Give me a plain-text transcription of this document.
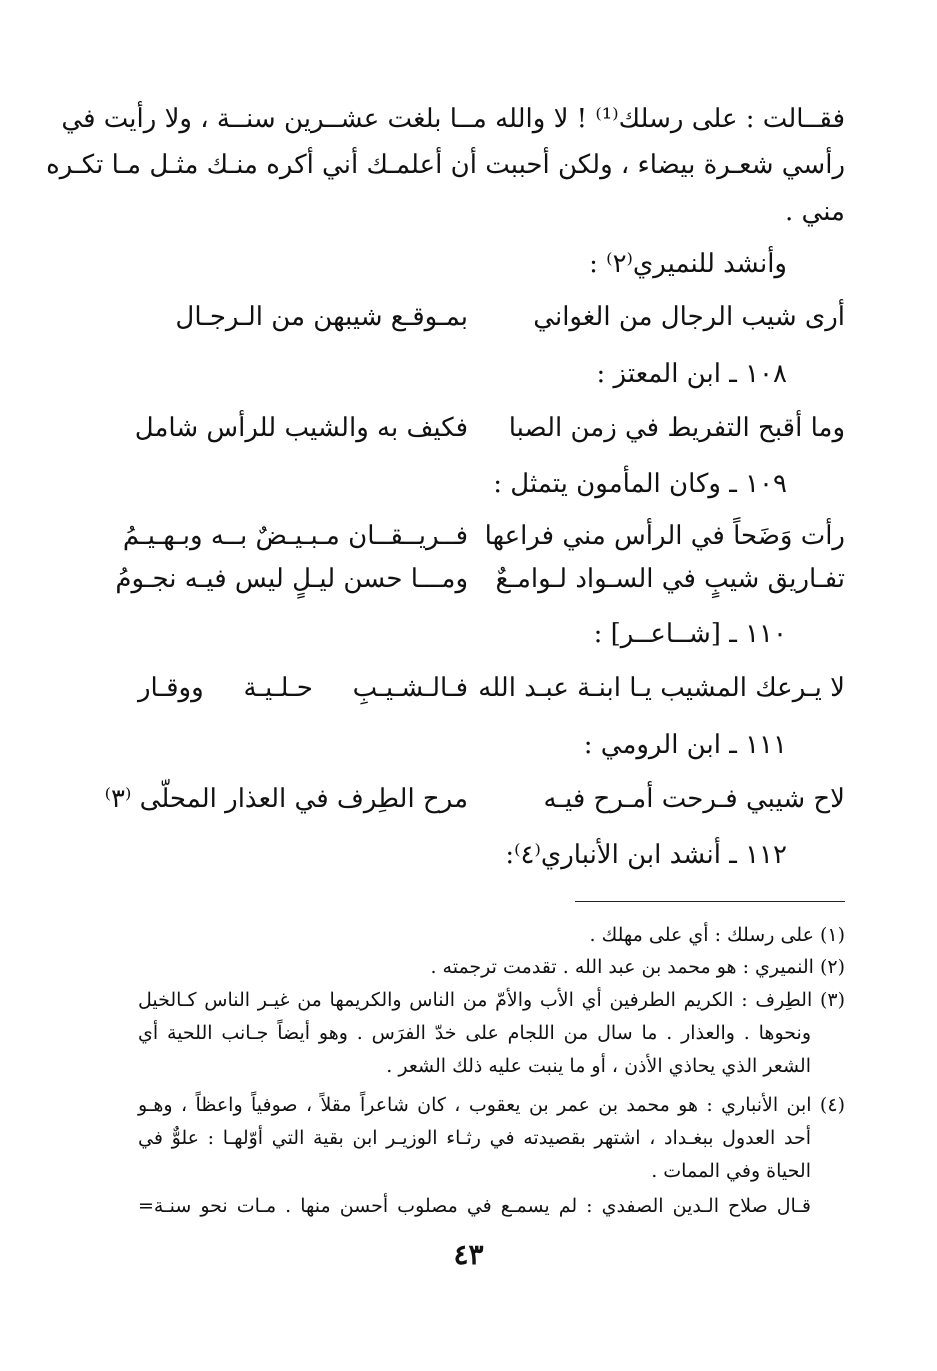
فقــالت : على رسلك⁽¹⁾ ! لا والله مــا بلغت عشــرين سنــة ، ولا رأيت في
رأسي شعـرة بيضاء ، ولكن أحببت أن أعلمـك أني أكره منـك مثـل مـا تكـره
مني .
وأنشد للنميري⁽٢⁾ :
أرى شيب الرجال من الغواني
بمـوقـع شيبهن من الـرجـال
١٠٨ ـ ابن المعتز :
وما أقبح التفريط في زمن الصبا
فكيف به والشيب للرأس شامل
١٠٩ ـ وكان المأمون يتمثل :
رأت وَضَحاً في الرأس مني فراعها
فــريــقــان مـبـيـضٌ بــه وبـهـيـمُ
تفـاريق شيبٍ في السـواد لـوامـعٌ
ومـــا حسن ليـلٍ ليس فيـه نجـومُ
١١٠ ـ [شــاعــر] :
لا يـرعك المشيب يـا ابنـة عبـد الله
فـالـشـيـبِ حـلـيـة ووقـار
١١١ ـ ابن الرومي :
لاح شيبي فـرحت أمـرح فيـه
مرح الطِرف في العذار المحلّى ⁽٣⁾
١١٢ ـ أنشد ابن الأنباري⁽٤⁾:
(١) على رسلك : أي على مهلك .
(٢) النميري : هو محمد بن عبد الله . تقدمت ترجمته .
(٣) الطِرف : الكريم الطرفين أي الأب والأمّ من الناس والكريمها من غيـر الناس كـالخيل
ونحوها . والعذار . ما سال من اللجام على خدّ الفرَس . وهو أيضاً جـانب اللحية أي
الشعر الذي يحاذي الأذن ، أو ما ينبت عليه ذلك الشعر .
(٤) ابن الأنباري : هو محمد بن عمر بن يعقوب ، كان شاعراً مقلاً ، صوفياً واعظاً ، وهـو
أحد العدول ببغـداد ، اشتهر بقصيدته في رثـاء الوزيـر ابن بقية التي أوّلهـا : علوٌّ في
الحياة وفي الممات .
قـال صلاح الـدين الصفدي : لم يسمـع في مصلوب أحسن منها . مـات نحو سنـة=
٤٣
